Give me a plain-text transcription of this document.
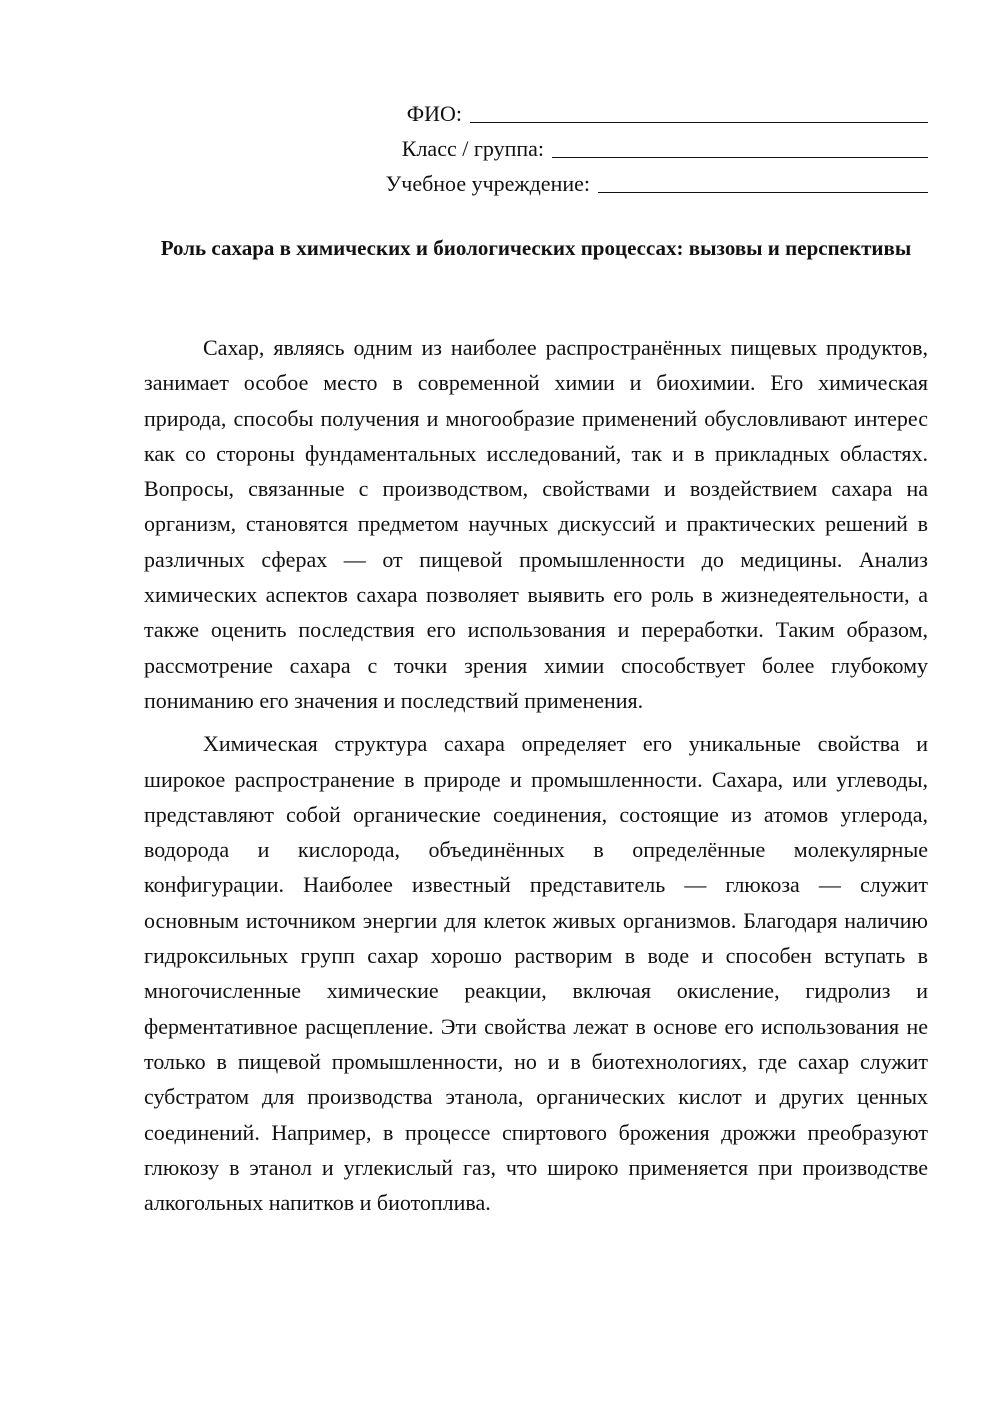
ФИО:
Класс / группа:
Учебное учреждение:
Роль сахара в химических и биологических процессах: вызовы и перспективы

Сахар, являясь одним из наиболее распространённых пищевых продуктов, занимает особое место в современной химии и биохимии. Его химическая природа, способы получения и многообразие применений обусловливают интерес как со стороны фундаментальных исследований, так и в прикладных областях. Вопросы, связанные с производством, свойствами и воздействием сахара на организм, становятся предметом научных дискуссий и практических решений в различных сферах — от пищевой промышленности до медицины. Анализ химических аспектов сахара позволяет выявить его роль в жизнедеятельности, а также оценить последствия его использования и переработки. Таким образом, рассмотрение сахара с точки зрения химии способствует более глубокому пониманию его значения и последствий применения.

Химическая структура сахара определяет его уникальные свойства и широкое распространение в природе и промышленности. Сахара, или углеводы, представляют собой органические соединения, состоящие из атомов углерода, водорода и кислорода, объединённых в определённые молекулярные конфигурации. Наиболее известный представитель — глюкоза — служит основным источником энергии для клеток живых организмов. Благодаря наличию гидроксильных групп сахар хорошо растворим в воде и способен вступать в многочисленные химические реакции, включая окисление, гидролиз и ферментативное расщепление. Эти свойства лежат в основе его использования не только в пищевой промышленности, но и в биотехнологиях, где сахар служит субстратом для производства этанола, органических кислот и других ценных соединений. Например, в процессе спиртового брожения дрожжи преобразуют глюкозу в этанол и углекислый газ, что широко применяется при производстве алкогольных напитков и биотоплива.
